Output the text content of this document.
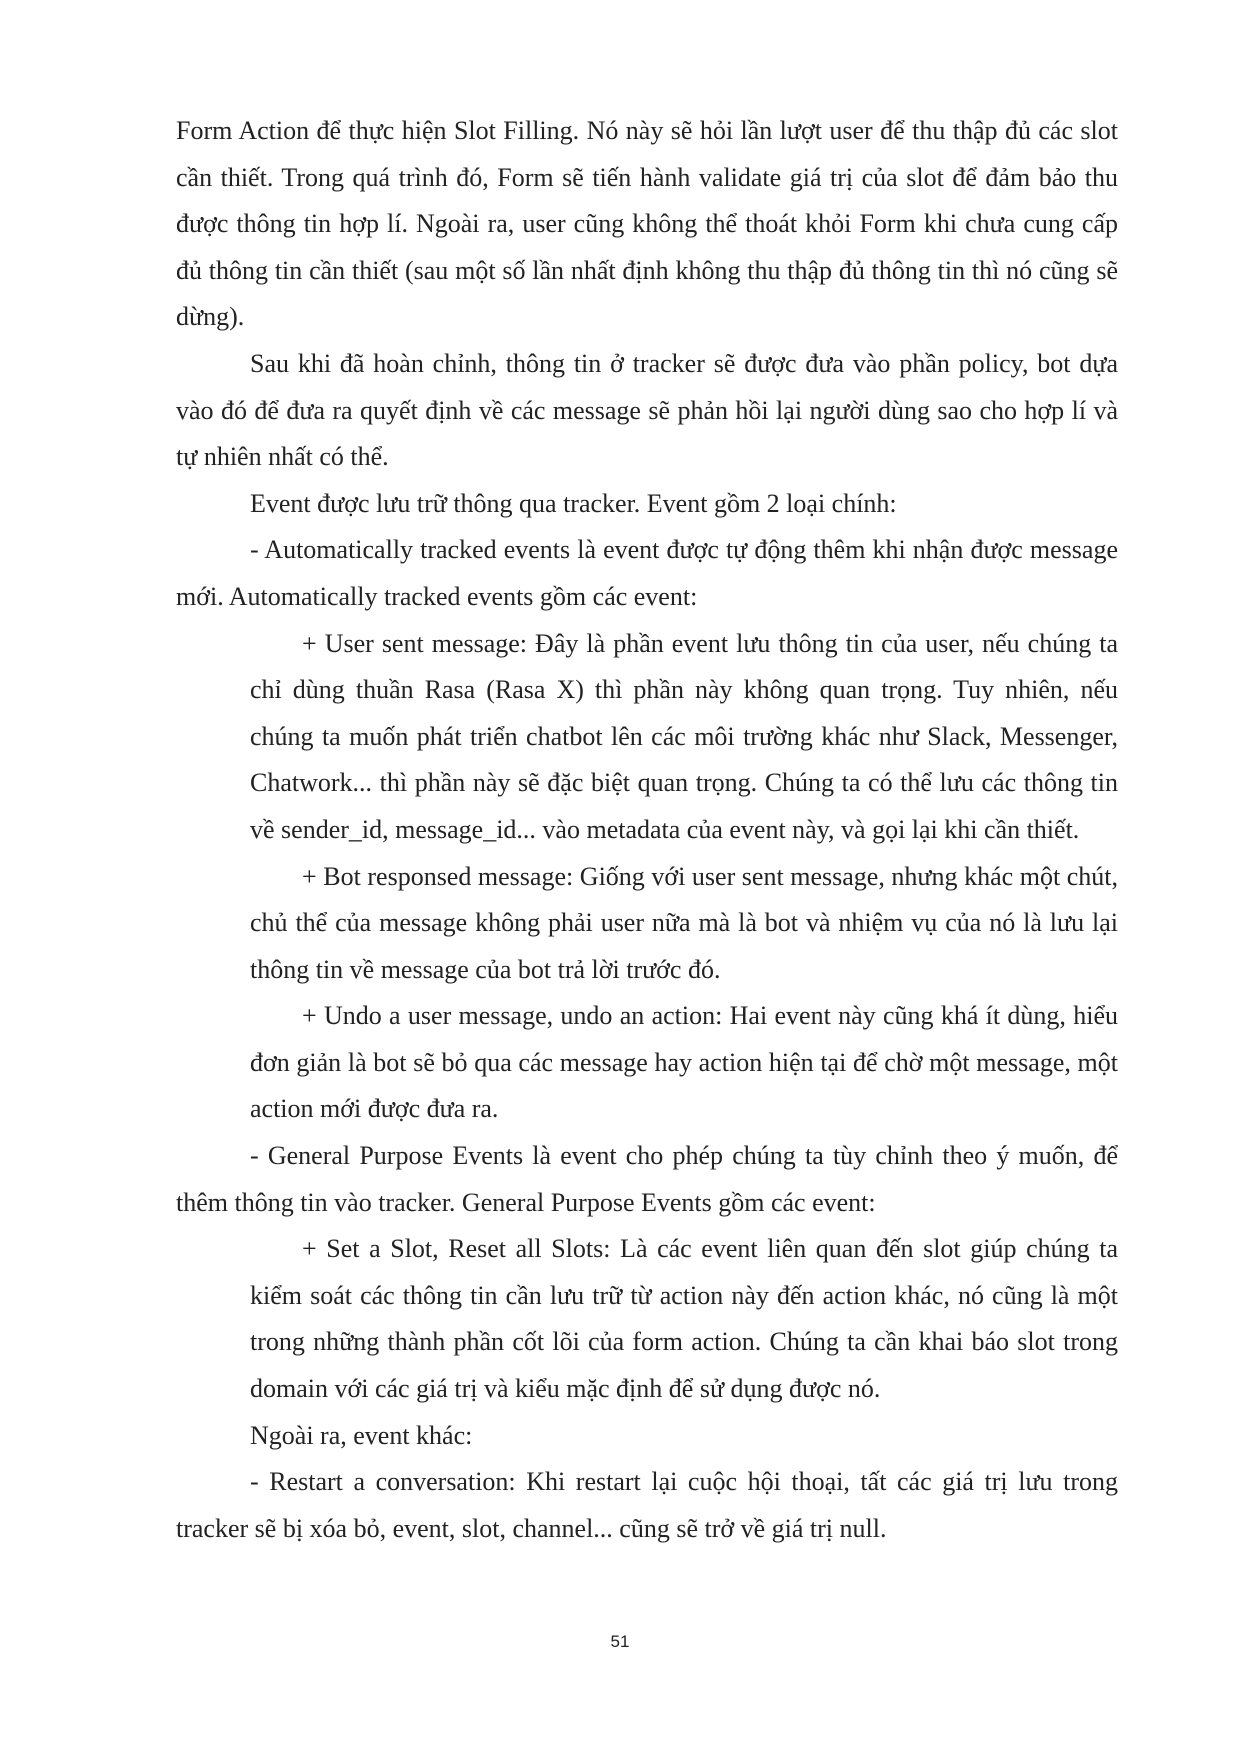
Form Action để thực hiện Slot Filling. Nó này sẽ hỏi lần lượt user để thu thập đủ các slot cần thiết. Trong quá trình đó, Form sẽ tiến hành validate giá trị của slot để đảm bảo thu được thông tin hợp lí. Ngoài ra, user cũng không thể thoát khỏi Form khi chưa cung cấp đủ thông tin cần thiết (sau một số lần nhất định không thu thập đủ thông tin thì nó cũng sẽ dừng).

Sau khi đã hoàn chỉnh, thông tin ở tracker sẽ được đưa vào phần policy, bot dựa vào đó để đưa ra quyết định về các message sẽ phản hồi lại người dùng sao cho hợp lí và tự nhiên nhất có thể.

Event được lưu trữ thông qua tracker. Event gồm 2 loại chính:

- Automatically tracked events là event được tự động thêm khi nhận được message mới. Automatically tracked events gồm các event:

+ User sent message: Đây là phần event lưu thông tin của user, nếu chúng ta chỉ dùng thuần Rasa (Rasa X) thì phần này không quan trọng. Tuy nhiên, nếu chúng ta muốn phát triển chatbot lên các môi trường khác như Slack, Messenger, Chatwork... thì phần này sẽ đặc biệt quan trọng. Chúng ta có thể lưu các thông tin về sender_id, message_id... vào metadata của event này, và gọi lại khi cần thiết.

+ Bot responsed message: Giống với user sent message, nhưng khác một chút, chủ thể của message không phải user nữa mà là bot và nhiệm vụ của nó là lưu lại thông tin về message của bot trả lời trước đó.

+ Undo a user message, undo an action: Hai event này cũng khá ít dùng, hiểu đơn giản là bot sẽ bỏ qua các message hay action hiện tại để chờ một message, một action mới được đưa ra.

- General Purpose Events là event cho phép chúng ta tùy chỉnh theo ý muốn, để thêm thông tin vào tracker. General Purpose Events gồm các event:

+ Set a Slot, Reset all Slots: Là các event liên quan đến slot giúp chúng ta kiểm soát các thông tin cần lưu trữ từ action này đến action khác, nó cũng là một trong những thành phần cốt lõi của form action. Chúng ta cần khai báo slot trong domain với các giá trị và kiểu mặc định để sử dụng được nó.

Ngoài ra, event khác:

- Restart a conversation: Khi restart lại cuộc hội thoại, tất các giá trị lưu trong tracker sẽ bị xóa bỏ, event, slot, channel... cũng sẽ trở về giá trị null.

51
